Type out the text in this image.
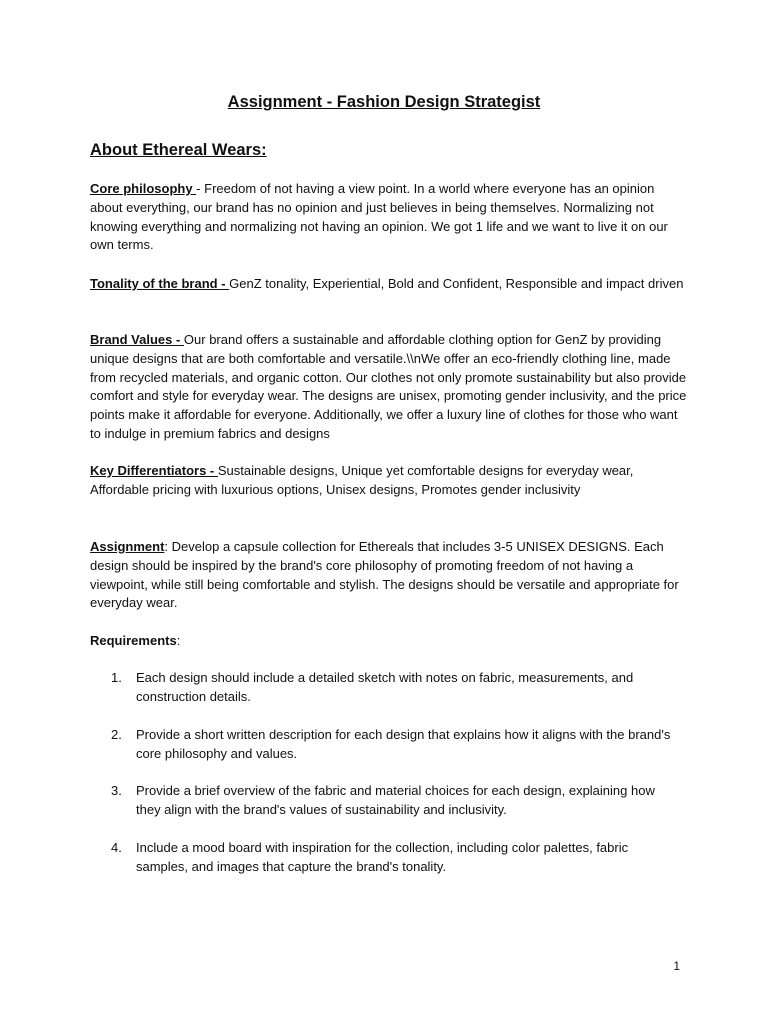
Assignment - Fashion Design Strategist
About Ethereal Wears:

Core philosophy - Freedom of not having a view point. In a world where everyone has an opinion about everything, our brand has no opinion and just believes in being themselves. Normalizing not knowing everything and normalizing not having an opinion. We got 1 life and we want to live it on our own terms.

Tonality of the brand - GenZ tonality, Experiential, Bold and Confident, Responsible and impact driven

Brand Values - Our brand offers a sustainable and affordable clothing option for GenZ by providing unique designs that are both comfortable and versatile.\\nWe offer an eco-friendly clothing line, made from recycled materials, and organic cotton. Our clothes not only promote sustainability but also provide comfort and style for everyday wear. The designs are unisex, promoting gender inclusivity, and the price points make it affordable for everyone. Additionally, we offer a luxury line of clothes for those who want to indulge in premium fabrics and designs

Key Differentiators - Sustainable designs, Unique yet comfortable designs for everyday wear, Affordable pricing with luxurious options, Unisex designs, Promotes gender inclusivity

Assignment: Develop a capsule collection for Ethereals that includes 3-5 UNISEX DESIGNS. Each design should be inspired by the brand's core philosophy of promoting freedom of not having a viewpoint, while still being comfortable and stylish. The designs should be versatile and appropriate for everyday wear.

Requirements:

1. Each design should include a detailed sketch with notes on fabric, measurements, and construction details.
2. Provide a short written description for each design that explains how it aligns with the brand's core philosophy and values.
3. Provide a brief overview of the fabric and material choices for each design, explaining how they align with the brand's values of sustainability and inclusivity.
4. Include a mood board with inspiration for the collection, including color palettes, fabric samples, and images that capture the brand's tonality.
1
